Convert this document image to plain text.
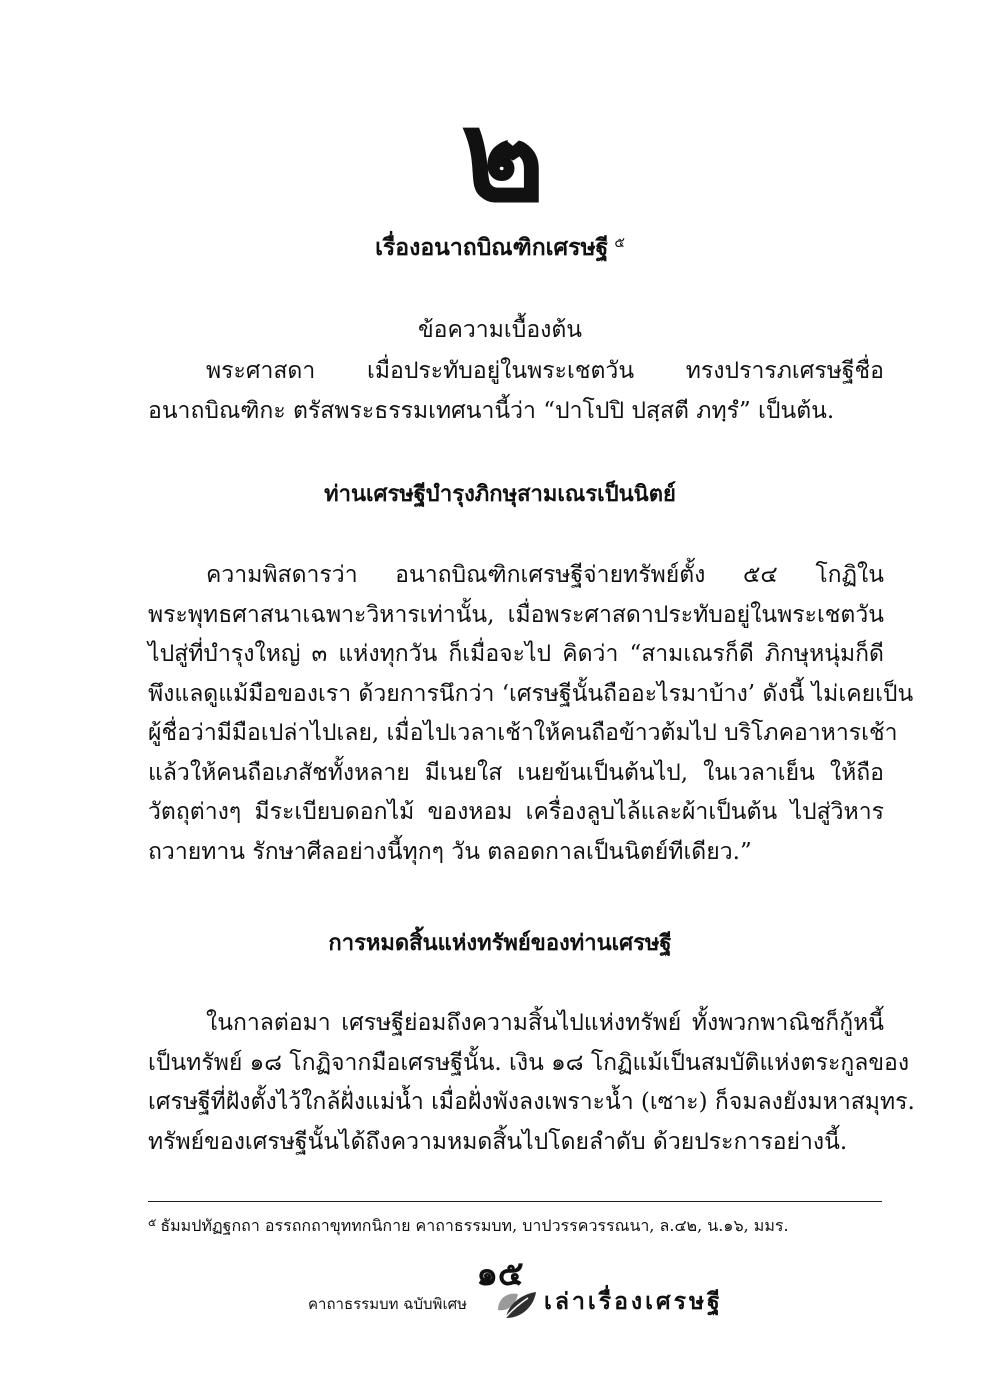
๒
เรื่องอนาถบิณฑิกเศรษฐี $^๕$
ข้อความเบื้องต้น
พระศาสดา เมื่อประทับอยู่ในพระเชตวัน ทรงปรารภเศรษฐีชื่อ
อนาถบิณฑิกะ ตรัสพระธรรมเทศนานี้ว่า “ปาโปปิ ปสฺสตี ภทฺรํ” เป็นต้น.
ท่านเศรษฐีบำรุงภิกษุสามเณรเป็นนิตย์
ความพิสดารว่า อนาถบิณฑิกเศรษฐีจ่ายทรัพย์ตั้ง ๕๔ โกฏิใน
พระพุทธศาสนาเฉพาะวิหารเท่านั้น, เมื่อพระศาสดาประทับอยู่ในพระเชตวัน
ไปสู่ที่บำรุงใหญ่ ๓ แห่งทุกวัน ก็เมื่อจะไป คิดว่า “สามเณรก็ดี ภิกษุหนุ่มก็ดี
พึงแลดูแม้มือของเรา ด้วยการนึกว่า ‘เศรษฐีนั้นถืออะไรมาบ้าง’ ดังนี้ ไม่เคยเป็น
ผู้ชื่อว่ามีมือเปล่าไปเลย, เมื่อไปเวลาเช้าให้คนถือข้าวต้มไป บริโภคอาหารเช้า
แล้วให้คนถือเภสัชทั้งหลาย มีเนยใส เนยข้นเป็นต้นไป, ในเวลาเย็น ให้ถือ
วัตถุต่างๆ มีระเบียบดอกไม้ ของหอม เครื่องลูบไล้และผ้าเป็นต้น ไปสู่วิหาร
ถวายทาน รักษาศีลอย่างนี้ทุกๆ วัน ตลอดกาลเป็นนิตย์ทีเดียว.”
การหมดสิ้นแห่งทรัพย์ของท่านเศรษฐี
ในกาลต่อมา เศรษฐีย่อมถึงความสิ้นไปแห่งทรัพย์ ทั้งพวกพาณิชก็กู้หนี้
เป็นทรัพย์ ๑๘ โกฏิจากมือเศรษฐีนั้น. เงิน ๑๘ โกฏิแม้เป็นสมบัติแห่งตระกูลของ
เศรษฐีที่ฝังตั้งไว้ใกล้ฝั่งแม่น้ำ เมื่อฝั่งพังลงเพราะน้ำ (เซาะ) ก็จมลงยังมหาสมุทร.
ทรัพย์ของเศรษฐีนั้นได้ถึงความหมดสิ้นไปโดยลำดับ ด้วยประการอย่างนี้.
$^๕$ ธัมมปทัฏฐกถา อรรถกถาขุททกนิกาย คาถาธรรมบท, บาปวรรควรรณนา, ล.๔๒, น.๑๖, มมร.
๑๕
คาถาธรรมบท ฉบับพิเศษ	เล่าเรื่องเศรษฐี
